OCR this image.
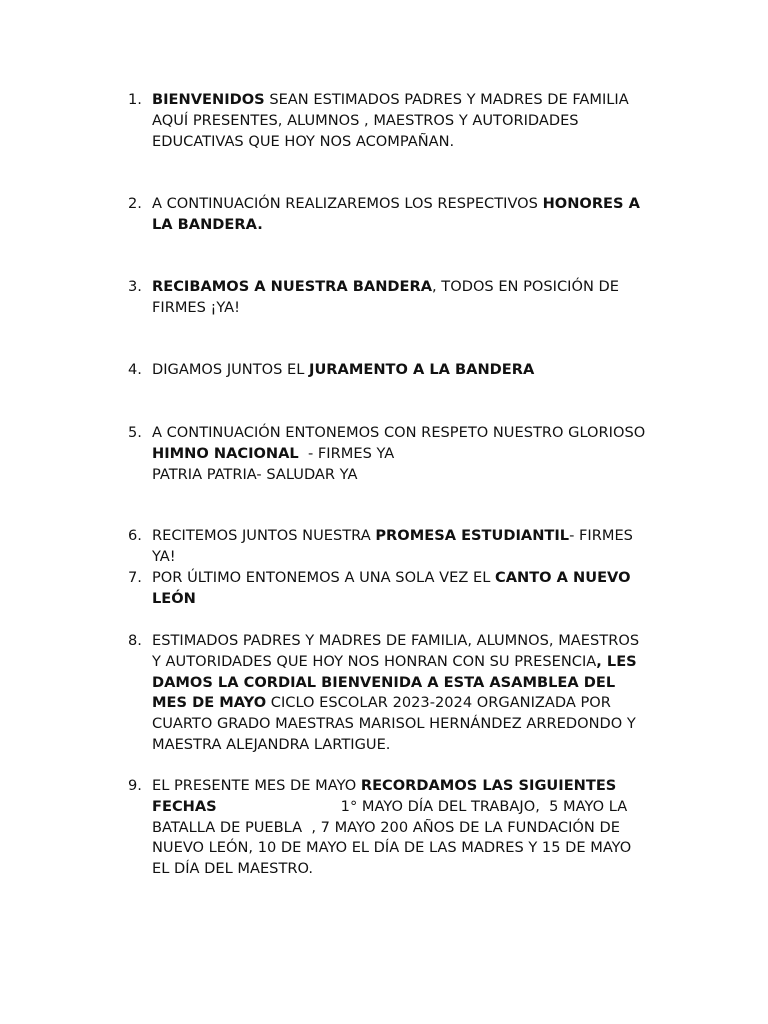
1. BIENVENIDOS SEAN ESTIMADOS PADRES Y MADRES DE FAMILIA
AQUÍ PRESENTES, ALUMNOS , MAESTROS Y AUTORIDADES
EDUCATIVAS QUE HOY NOS ACOMPAÑAN.
2. A CONTINUACIÓN REALIZAREMOS LOS RESPECTIVOS HONORES A
LA BANDERA.
3. RECIBAMOS A NUESTRA BANDERA, TODOS EN POSICIÓN DE
FIRMES ¡YA!
4. DIGAMOS JUNTOS EL JURAMENTO A LA BANDERA
5. A CONTINUACIÓN ENTONEMOS CON RESPETO NUESTRO GLORIOSO
HIMNO NACIONAL  - FIRMES YA
PATRIA PATRIA- SALUDAR YA
6. RECITEMOS JUNTOS NUESTRA PROMESA ESTUDIANTIL- FIRMES
YA!
7. POR ÚLTIMO ENTONEMOS A UNA SOLA VEZ EL CANTO A NUEVO
LEÓN
8. ESTIMADOS PADRES Y MADRES DE FAMILIA, ALUMNOS, MAESTROS
Y AUTORIDADES QUE HOY NOS HONRAN CON SU PRESENCIA, LES
DAMOS LA CORDIAL BIENVENIDA A ESTA ASAMBLEA DEL
MES DE MAYO CICLO ESCOLAR 2023-2024 ORGANIZADA POR
CUARTO GRADO MAESTRAS MARISOL HERNÁNDEZ ARREDONDO Y
MAESTRA ALEJANDRA LARTIGUE.
9. EL PRESENTE MES DE MAYO RECORDAMOS LAS SIGUIENTES
FECHAS	1° MAYO DÍA DEL TRABAJO,  5 MAYO LA
BATALLA DE PUEBLA  , 7 MAYO 200 AÑOS DE LA FUNDACIÓN DE
NUEVO LEÓN, 10 DE MAYO EL DÍA DE LAS MADRES Y 15 DE MAYO
EL DÍA DEL MAESTRO.
